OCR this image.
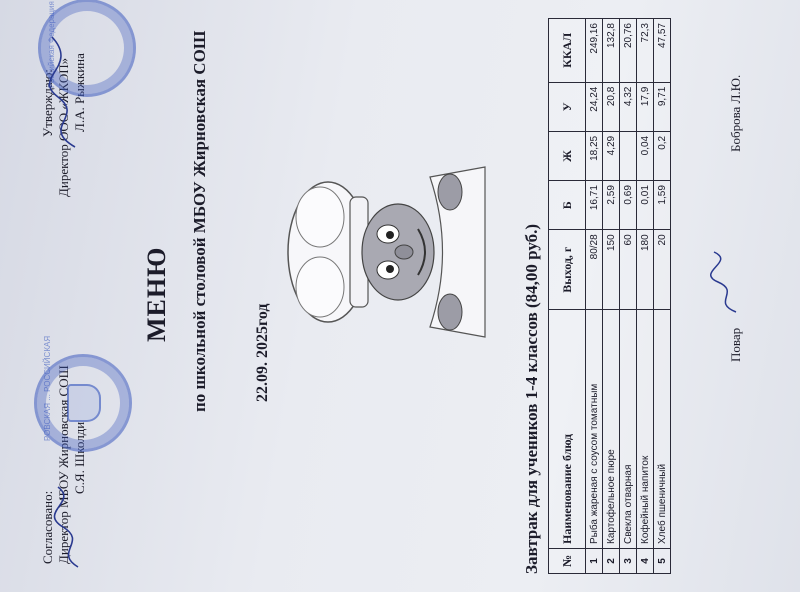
Согласовано: Директор МБОУ Жирновская СОШ С.Я. Школди
Утверждаю: Директор ООО «ЖКОП» Л.А. Рыжкина
РОВСКАЯ ... РОССИЙСКАЯ
Российская Федерация
МЕНЮ по школьной столовой МБОУ Жирновская СОШ	22.09. 2025год	Завтрак для учеников 1-4 классов (84,00 руб.) №	Наименование блюд	Выход, г	Б	Ж	У	ККАЛ
1	Рыба жареная с соусом томатным	80/28	16,71	18,25	24,24	249,16
2	Картофельное пюре	150	2,59	4,29	20,8	132,8
3	Свекла отварная	60	0,69		4,32	20,76
4	Кофейный напиток	180	0,01	0,04	17,9	72,3
5	Хлеб пшеничный	20	1,59	0,2	9,71	47,57
Повар
Боброва Л.Ю.
